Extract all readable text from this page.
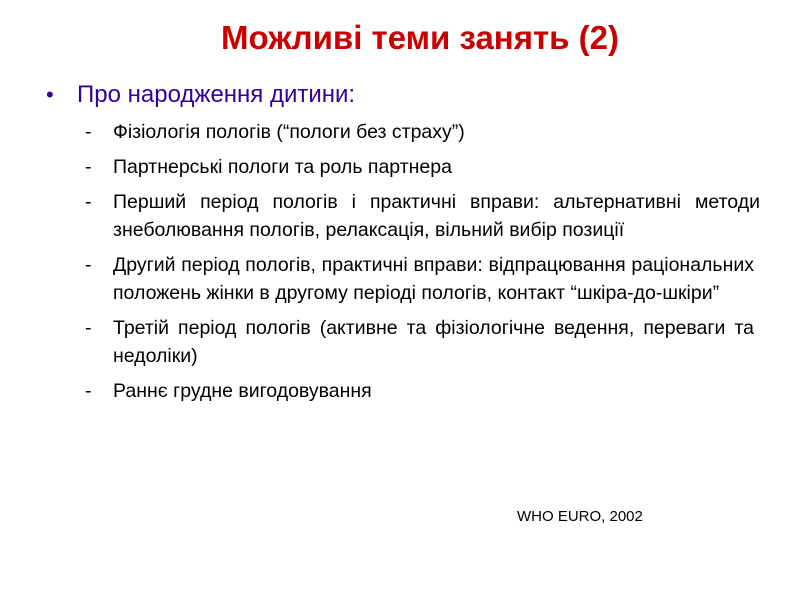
Можливі теми занять (2)
• Про народження дитини:
- Фізіологія пологів (“пологи без страху”)
- Партнерські пологи та роль партнера
- Перший період пологів і практичні вправи: альтернативні методи знеболювання пологів, релаксація, вільний вибір позиції
- Другий період пологів, практичні вправи: відпрацювання раціональних положень жінки в другому періоді пологів, контакт “шкіра-до-шкіри”
- Третій період пологів (активне та фізіологічне ведення, переваги та недоліки)
- Раннє грудне вигодовування
WHO EURO, 2002
